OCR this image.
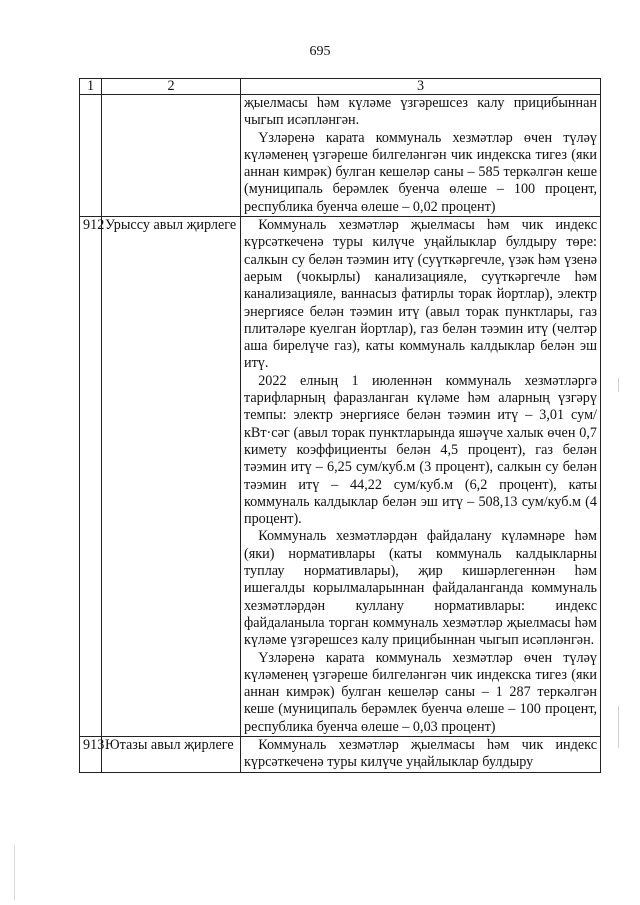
695
1	2	3

		җыелмасы һәм күләме үзгәрешсез калу прицибыннан чыгып исәпләнгән.

Үзләренә карата коммуналь хезмәтләр өчен түләү күләменең үзгәреше билгеләнгән чик индекска тигез (яки аннан кимрәк) булган кешеләр саны – 585 теркәлгән кеше (муниципаль берәмлек буенча өлеше – 100 процент, республика буенча өлеше – 0,02 процент)

912	Урыссу авыл җирлеге	Коммуналь хезмәтләр җыелмасы һәм чик индекс күрсәткеченә туры килүче уңайлыклар булдыру төре: салкын су белән тәэмин итү (суүткәргечле, үзәк һәм үзенә аерым (чокырлы) канализацияле, суүткәргечле һәм канализацияле, ваннасыз фатирлы торак йортлар), электр энергиясе белән тәэмин итү (авыл торак пунктлары, газ плитәләре куелган йортлар), газ белән тәэмин итү (челтәр аша бирелүче газ), каты коммуналь калдыклар белән эш итү.

2022 елның 1 июленнән коммуналь хезмәтләргә тарифларның фаразланган күләме һәм аларның үзгәрү темпы: электр энергиясе белән тәэмин итү – 3,01 сум/кВт·сәг (авыл торак пунктларында яшәүче халык өчен 0,7 кимету коэффициенты белән 4,5 процент), газ белән тәэмин итү – 6,25 сум/куб.м (3 процент), салкын су белән тәэмин итү – 44,22 сум/куб.м (6,2 процент), каты коммуналь калдыклар белән эш итү – 508,13 сум/куб.м (4 процент).

Коммуналь хезмәтләрдән файдалану күләмнәре һәм (яки) нормативлары (каты коммуналь калдыкларны туплау нормативлары), җир кишәрлегеннән һәм ишегалды корылмаларыннан файдаланганда коммуналь хезмәтләрдән куллану нормативлары: индекс файдаланыла торган коммуналь хезмәтләр җыелмасы һәм күләме үзгәрешсез калу прицибыннан чыгып исәпләнгән.

Үзләренә карата коммуналь хезмәтләр өчен түләү күләменең үзгәреше билгеләнгән чик индекска тигез (яки аннан кимрәк) булган кешеләр саны – 1 287 теркәлгән кеше (муниципаль берәмлек буенча өлеше – 100 процент, республика буенча өлеше – 0,03 процент)

913	Ютазы авыл җирлеге	Коммуналь хезмәтләр җыелмасы һәм чик индекс күрсәткеченә туры килүче уңайлыклар булдыру
